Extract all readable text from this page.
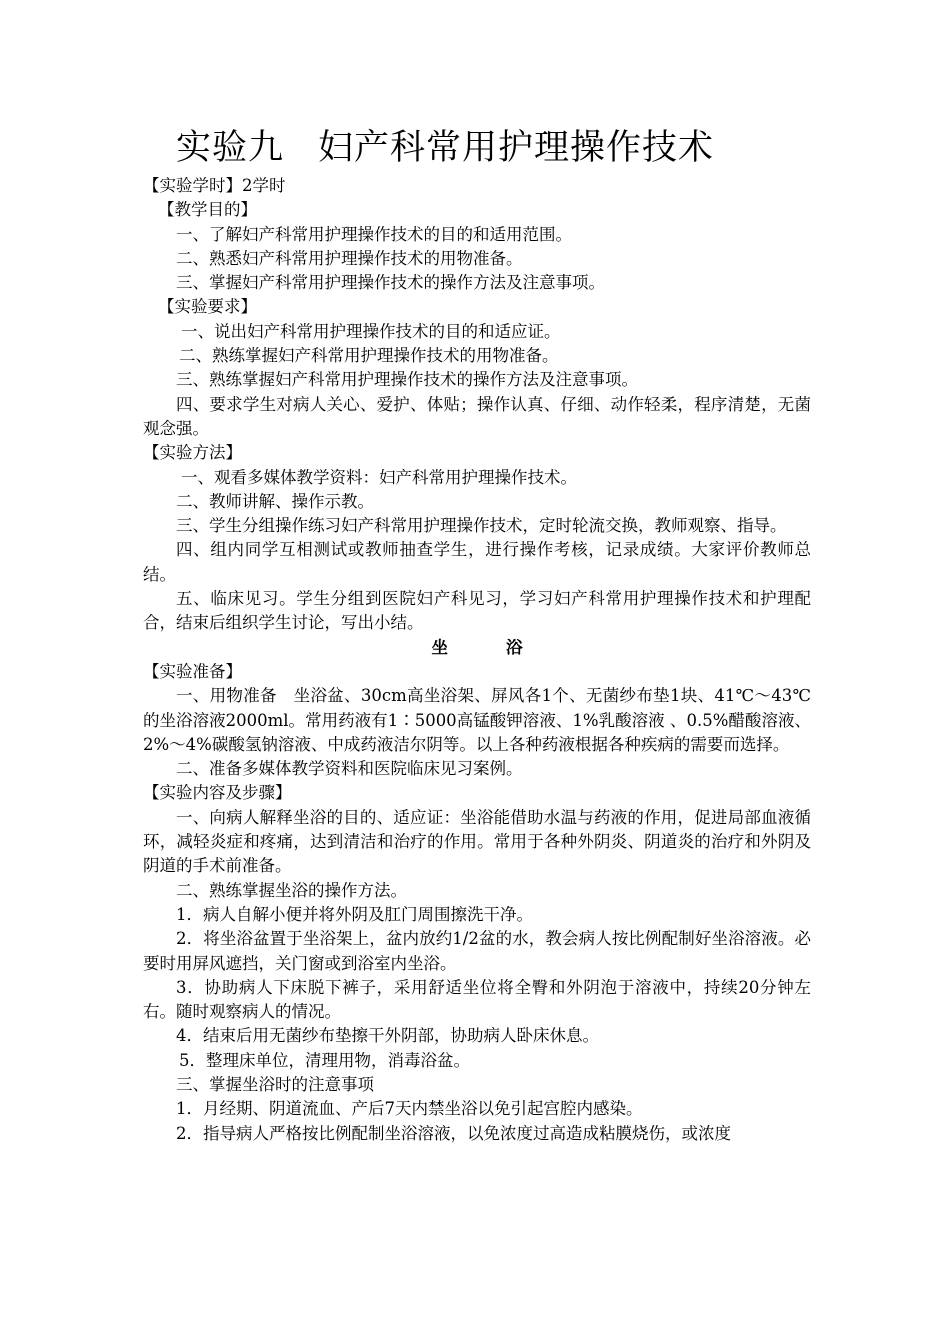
实验九 妇产科常用护理操作技术

【实验学时】2学时

【教学目的】

一、了解妇产科常用护理操作技术的目的和适用范围。

二、熟悉妇产科常用护理操作技术的用物准备。

三、掌握妇产科常用护理操作技术的操作方法及注意事项。

【实验要求】

一、说出妇产科常用护理操作技术的目的和适应证。

二、熟练掌握妇产科常用护理操作技术的用物准备。

三、熟练掌握妇产科常用护理操作技术的操作方法及注意事项。

四、要求学生对病人关心、爱护、体贴；操作认真、仔细、动作轻柔，程序清楚，无菌观念强。

【实验方法】

一、观看多媒体教学资料：妇产科常用护理操作技术。

二、教师讲解、操作示教。

三、学生分组操作练习妇产科常用护理操作技术，定时轮流交换，教师观察、指导。

四、组内同学互相测试或教师抽查学生，进行操作考核，记录成绩。大家评价教师总结。

五、临床见习。学生分组到医院妇产科见习，学习妇产科常用护理操作技术和护理配合，结束后组织学生讨论，写出小结。

坐	浴

【实验准备】

一、用物准备　坐浴盆、30cm高坐浴架、屏风各1个、无菌纱布垫1块、41℃～43℃的坐浴溶液2000ml。常用药液有1∶5000高锰酸钾溶液、1%乳酸溶液 、0.5%醋酸溶液、2%～4%碳酸氢钠溶液、中成药液洁尔阴等。以上各种药液根据各种疾病的需要而选择。

二、准备多媒体教学资料和医院临床见习案例。

【实验内容及步骤】

一、向病人解释坐浴的目的、适应证：坐浴能借助水温与药液的作用，促进局部血液循环，减轻炎症和疼痛，达到清洁和治疗的作用。常用于各种外阴炎、阴道炎的治疗和外阴及阴道的手术前准备。

二、熟练掌握坐浴的操作方法。

1．病人自解小便并将外阴及肛门周围擦洗干净。

2．将坐浴盆置于坐浴架上，盆内放约1/2盆的水，教会病人按比例配制好坐浴溶液。必要时用屏风遮挡，关门窗或到浴室内坐浴。

3．协助病人下床脱下裤子，采用舒适坐位将全臀和外阴泡于溶液中，持续20分钟左右。随时观察病人的情况。

4．结束后用无菌纱布垫擦干外阴部，协助病人卧床休息。

5．整理床单位，清理用物，消毒浴盆。

三、掌握坐浴时的注意事项

1．月经期、阴道流血、产后7天内禁坐浴以免引起宫腔内感染。

2．指导病人严格按比例配制坐浴溶液，以免浓度过高造成粘膜烧伤，或浓度
